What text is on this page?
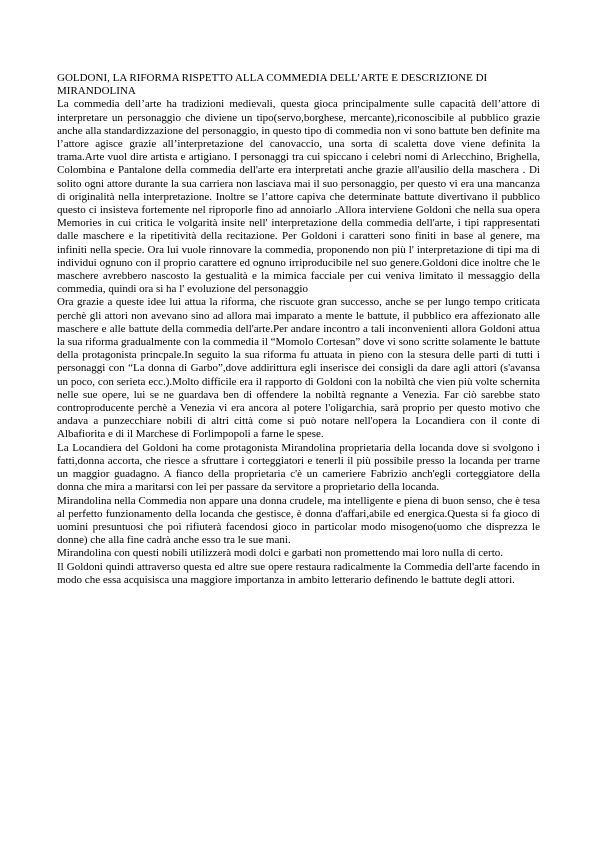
GOLDONI, LA RIFORMA RISPETTO ALLA COMMEDIA DELL’ARTE E DESCRIZIONE DI MIRANDOLINA

La commedia dell’arte ha tradizioni medievali, questa gioca principalmente sulle capacità dell’attore di interpretare un personaggio che diviene un tipo(servo,borghese, mercante),riconoscibile al pubblico grazie anche alla standardizzazione del personaggio, in questo tipo di commedia non vi sono battute ben definite ma l’attore agisce grazie all’interpretazione del canovaccio, una sorta di scaletta dove viene definita la trama.Arte vuol dire artista e artigiano. I personaggi tra cui spiccano i celebri nomi di Arlecchino, Brighella, Colombina e Pantalone della commedia dell'arte era interpretati anche grazie all'ausilio della maschera . Di solito ogni attore durante la sua carriera non lasciava mai il suo personaggio, per questo vi era una mancanza di originalità nella interpretazione. Inoltre se l’attore capiva che determinate battute divertivano il pubblico questo ci insisteva fortemente nel riproporle fino ad annoiarlo .Allora interviene Goldoni che nella sua opera Memories in cui critica le volgarità insite nell' interpretazione della commedia dell'arte, i tipi rappresentati dalle maschere e la ripetitività della recitazione. Per Goldoni i caratteri sono finiti in base al genere, ma infiniti nella specie. Ora lui vuole rinnovare la commedia, proponendo non più l' interpretazione di tipi ma di individui ognuno con il proprio carattere ed ognuno irriproducibile nel suo genere.Goldoni dice inoltre che le maschere avrebbero nascosto la gestualità e la mimica facciale per cui veniva limitato il messaggio della commedia, quindi ora si ha l' evoluzione del personaggio

Ora grazie a queste idee lui attua la riforma, che riscuote gran successo, anche se per lungo tempo criticata perchè gli attori non avevano sino ad allora mai imparato a mente le battute, il pubblico era affezionato alle maschere e alle battute della commedia dell'arte.Per andare incontro a tali inconvenienti allora Goldoni attua la sua riforma gradualmente con la commedia il “Momolo Cortesan” dove vi sono scritte solamente le battute della protagonista princpale.In seguito la sua riforma fu attuata in pieno con la stesura delle parti di tutti i personaggi con “La donna di Garbo”,dove addirittura egli inserisce dei consigli da dare agli attori (s'avansa un poco, con serieta ecc.).Molto difficile era il rapporto di Goldoni con la nobiltà che vien più volte schernita nelle sue opere, lui se ne guardava ben di offendere la nobiltà regnante a Venezia. Far ciò sarebbe stato controproducente perchè a Venezia vi era ancora al potere l'oligarchia, sarà proprio per questo motivo che andava a punzecchiare nobili di altri città come si può notare nell'opera la Locandiera con il conte di Albafiorita e di il Marchese di Forlimpopoli a farne le spese.

La Locandiera del Goldoni ha come protagonista Mirandolina proprietaria della locanda dove si svolgono i fatti,donna accorta, che riesce a sfruttare i corteggiatori e tenerli il più possibile presso la locanda per trarne un maggior guadagno. A fianco della proprietaria c'è un cameriere Fabrizio anch'egli corteggiatore della donna che mira a maritarsi con lei per passare da servitore a proprietario della locanda.

Mirandolina nella Commedia non appare una donna crudele, ma intelligente e piena di buon senso, che è tesa al perfetto funzionamento della locanda che gestisce, è donna d'affari,abile ed energica.Questa si fa gioco di uomini presuntuosi che poi rifiuterà facendosi gioco in particolar modo misogeno(uomo che disprezza le donne) che alla fine cadrà anche esso tra le sue mani.

Mirandolina con questi nobili utilizzerà modi dolci e garbati non promettendo mai loro nulla di certo.

Il Goldoni quindi attraverso questa ed altre sue opere restaura radicalmente la Commedia dell'arte facendo in modo che essa acquisisca una maggiore importanza in ambito letterario definendo le battute degli attori.
